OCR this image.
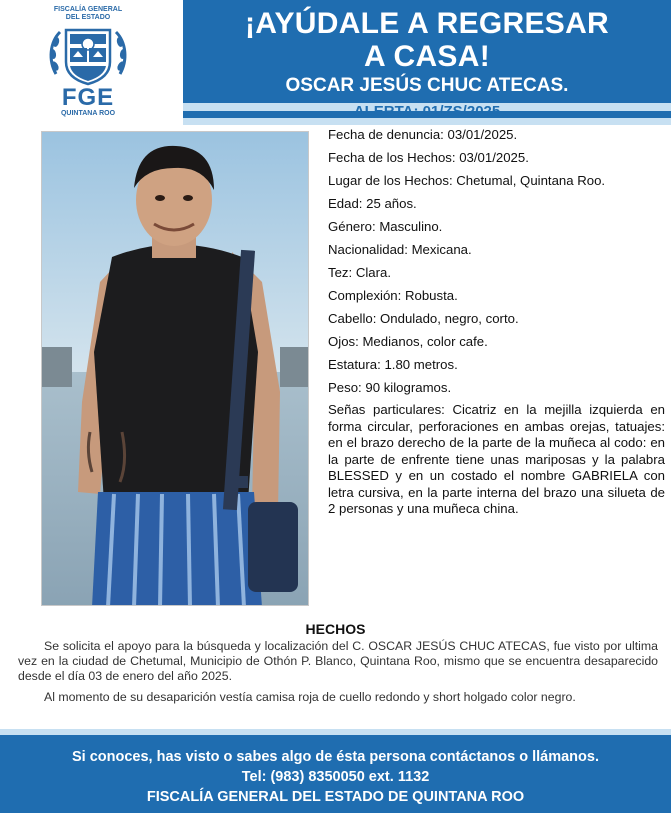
FISCALÍA GENERAL DEL ESTADO
FGE
QUINTANA ROO
¡AYÚDALE A REGRESAR
A CASA!
OSCAR JESÚS CHUC ATECAS.
ALERTA: 01/ZS/2025

Fecha de denuncia: 03/01/2025.

Fecha de los Hechos: 03/01/2025.

Lugar de los Hechos: Chetumal, Quintana Roo.

Edad: 25 años.

Género: Masculino.

Nacionalidad: Mexicana.

Tez: Clara.

Complexión: Robusta.

Cabello: Ondulado, negro, corto.

Ojos: Medianos, color cafe.

Estatura: 1.80 metros.

Peso: 90 kilogramos.

Señas particulares: Cicatriz en la mejilla izquierda en forma circular, perforaciones en ambas orejas, tatuajes: en el brazo derecho de la parte de la muñeca al codo: en la parte de enfrente tiene unas mariposas y la palabra BLESSED y en un costado el nombre GABRIELA con letra cursiva, en la parte interna del brazo una silueta de 2 personas y una muñeca china.

HECHOS

Se solicita el apoyo para la búsqueda y localización del C. OSCAR JESÚS CHUC ATECAS, fue visto por ultima vez en la ciudad de Chetumal, Municipio de Othón P. Blanco, Quintana Roo, mismo que se encuentra desaparecido desde el día 03 de enero del año 2025.

Al momento de su desaparición vestía camisa roja de cuello redondo y short holgado color negro.

Si conoces, has visto o sabes algo de ésta persona contáctanos o llámanos.
Tel: (983) 8350050 ext. 1132
FISCALÍA GENERAL DEL ESTADO DE QUINTANA ROO
